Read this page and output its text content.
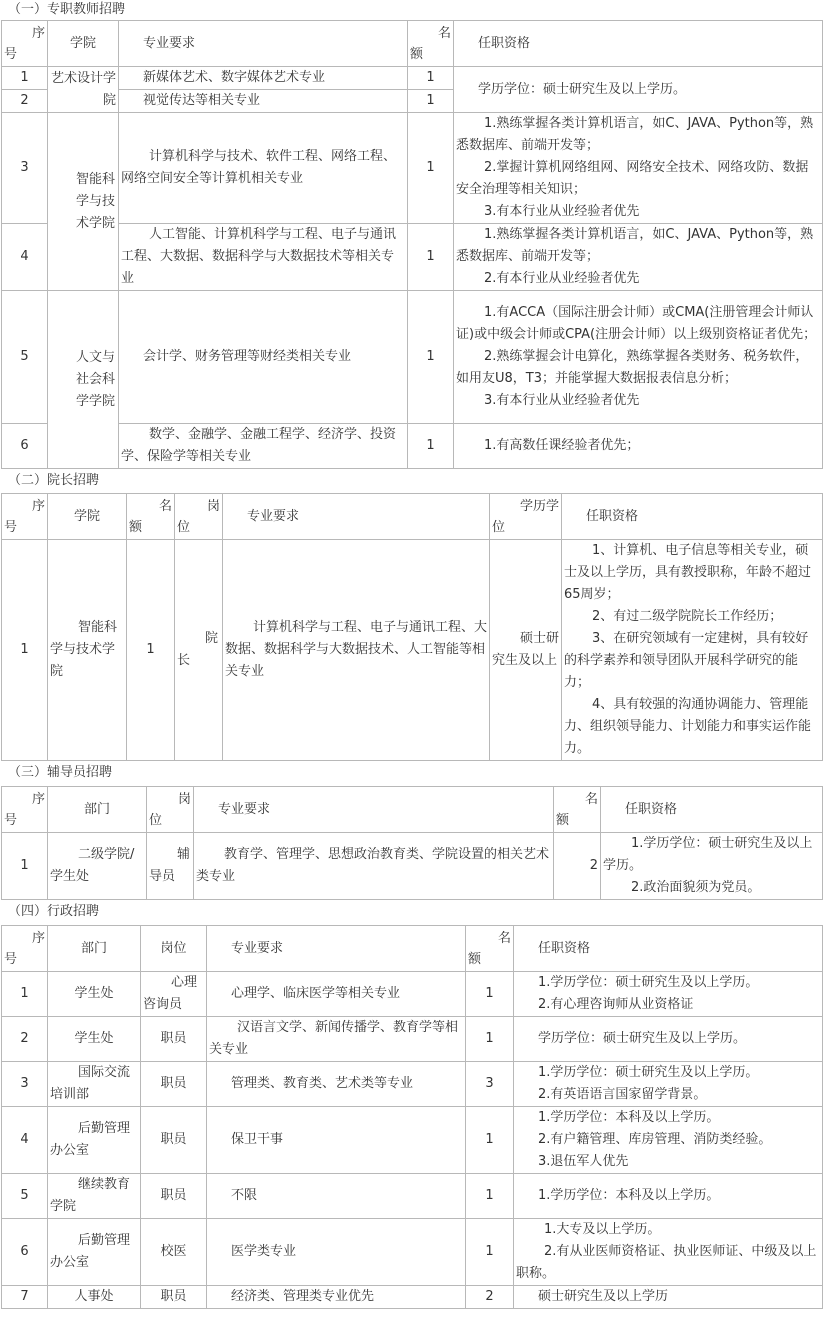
（一）专职教师招聘
序
号	学院	专业要求	名
额	任职资格
1	艺术设计学院	新媒体艺术、数字媒体艺术专业	1	学历学位：硕士研究生及以上学历。
2		视觉传达等相关专业	1	
3	智能科学与技术学院	计算机科学与技术、软件工程、网络工程、网络空间安全等计算机相关专业	1	1.熟练掌握各类计算机语言，如C、JAVA、Python等，熟悉数据库、前端开发等；
2.掌握计算机网络组网、网络安全技术、网络攻防、数据安全治理等相关知识；
3.有本行业从业经验者优先

4		人工智能、计算机科学与工程、电子与通讯工程、大数据、数据科学与大数据技术等相关专业	1	1.熟练掌握各类计算机语言，如C、JAVA、Python等，熟悉数据库、前端开发等；
2.有本行业从业经验者优先

5	人文与社会科学学院	会计学、财务管理等财经类相关专业	1	1.有ACCA（国际注册会计师）或CMA(注册管理会计师认证)或中级会计师或CPA(注册会计师）以上级别资格证者优先；
2.熟练掌握会计电算化，熟练掌握各类财务、税务软件，如用友U8，T3；并能掌握大数据报表信息分析；
3.有本行业从业经验者优先

6		数学、金融学、金融工程学、经济学、投资学、保险学等相关专业	1	1.有高数任课经验者优先；
（二）院长招聘
序
号	学院	名
额	岗
位	专业要求	学历学
位	任职资格
1	智能科学与技术学院	1	院长	计算机科学与工程、电子与通讯工程、大数据、数据科学与大数据技术、人工智能等相关专业	硕士研究生及以上	1、计算机、电子信息等相关专业，硕士及以上学历，具有教授职称，年龄不超过65周岁；
2、有过二级学院院长工作经历；
3、在研究领域有一定建树，具有较好的科学素养和领导团队开展科学研究的能力；
4、具有较强的沟通协调能力、管理能力、组织领导能力、计划能力和事实运作能力。
（三）辅导员招聘
序
号	部门	岗
位	专业要求	名
额	任职资格
1	二级学院/学生处	辅导员	教育学、管理学、思想政治教育类、学院设置的相关艺术类专业	2	1.学历学位：硕士研究生及以上学历。
2.政治面貌须为党员。
（四）行政招聘
序
号	部门	岗位	专业要求	名
额	任职资格
1	学生处	心理咨询员	心理学、临床医学等相关专业	1	1.学历学位：硕士研究生及以上学历。
2.有心理咨询师从业资格证

2	学生处	职员	汉语言文学、新闻传播学、教育学等相关专业	1	学历学位：硕士研究生及以上学历。
3	国际交流培训部	职员	管理类、教育类、艺术类等专业	3	1.学历学位：硕士研究生及以上学历。
2.有英语语言国家留学背景。

4	后勤管理办公室	职员	保卫干事	1	1.学历学位：本科及以上学历。
2.有户籍管理、库房管理、消防类经验。
3.退伍军人优先

5	继续教育学院	职员	不限	1	1.学历学位：本科及以上学历。
6	后勤管理办公室	校医	医学类专业	1	1.大专及以上学历。
2.有从业医师资格证、执业医师证、中级及以上职称。

7	人事处	职员	经济类、管理类专业优先	2	硕士研究生及以上学历
